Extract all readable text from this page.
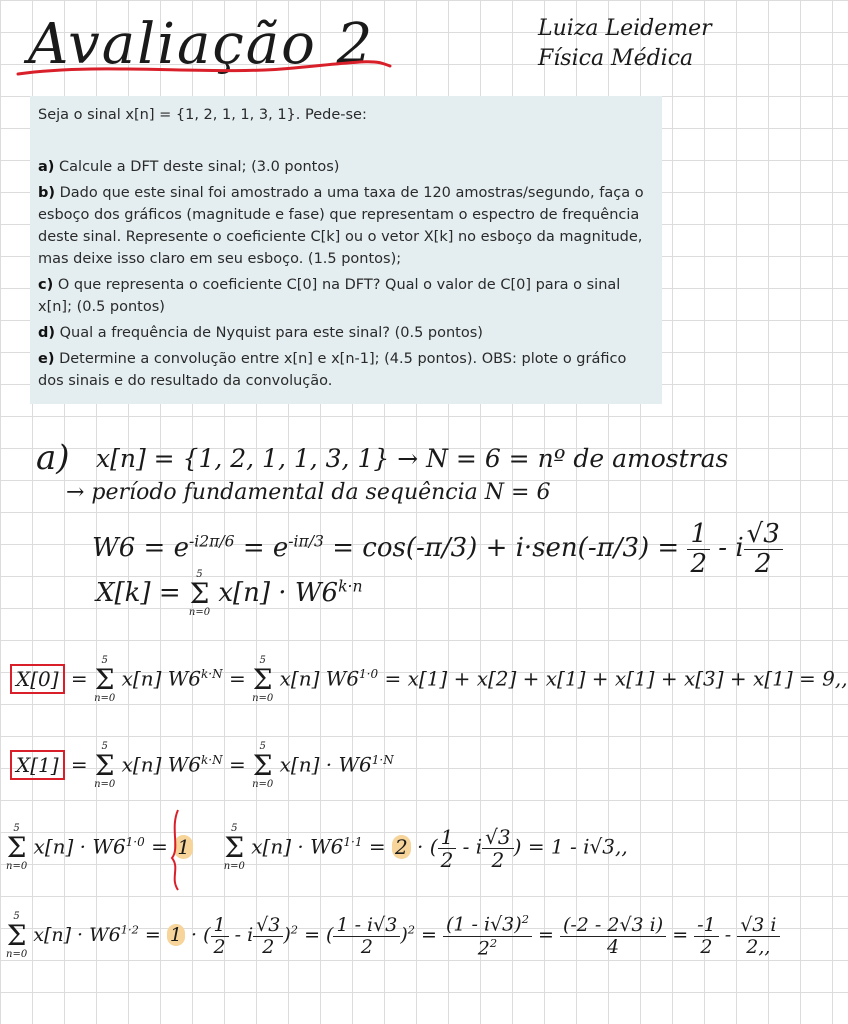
Avaliação 2	Luiza Leidemer
Física Médica
Seja o sinal x[n] = {1, 2, 1, 1, 3, 1}. Pede-se:
a) Calcule a DFT deste sinal; (3.0 pontos)
b) Dado que este sinal foi amostrado a uma taxa de 120 amostras/segundo, faça o esboço dos gráficos (magnitude e fase) que representam o espectro de frequência deste sinal. Represente o coeficiente C[k] ou o vetor X[k] no esboço da magnitude, mas deixe isso claro em seu esboço. (1.5 pontos);
c) O que representa o coeficiente C[0] na DFT? Qual o valor de C[0] para o sinal x[n]; (0.5 pontos)
d) Qual a frequência de Nyquist para este sinal? (0.5 pontos)
e) Determine a convolução entre x[n] e x[n-1]; (4.5 pontos). OBS: plote o gráfico dos sinais e do resultado da convolução.
a) x[n] = {1, 2, 1, 1, 3, 1} → N = 6 = nº de amostras
→ período fundamental da sequência N = 6
$W6 = e^{-i2\pi/6} = e^{-i\pi/3} = \cos(-\pi/3) + i\cdot sen(-\pi/3) = \frac{1}{2} - i \frac{√3}{2}$
X[k] =
5
Σ
n=0
$x[n] \cdot W6^{k\cdot n}$
X[0] =
5
Σ
n=0
x[n] $W6^{k\cdot N}$ =
5
Σ
n=0
x[n] $W6^{1\cdot 0} = x[1] + x[2] + x[1] + x[1] + x[3] + x[1] = 9$,,
X[1] =
5
Σ
n=0
x[n] $W6^{k\cdot N}$ =
5
Σ
n=0
$x[n] \cdot W6^{1\cdot N}$
5
Σ
n=0
$x[n] \cdot W6^{1\cdot 0} = 1$
5
Σ
n=0
$x[n] \cdot W6^{1\cdot 1} = 2$ · ( $\frac{1}{2}$ - i $\frac{√3}{2}$ ) = 1 - i√3,,
5
Σ
n=0
$x[n] \cdot W6^{1\cdot 2} = 1$ · ( $\frac{1}{2}$ - i $\frac{√3}{2} )^2$ = ( $\frac{1 - i√3}{2} )^2 = \frac{(1 - i√3)^2}{2^2} = \frac{(-2 - 2√3 i)}{4} = \frac{-1}{2} - \frac{√3 i}{2,,}$
